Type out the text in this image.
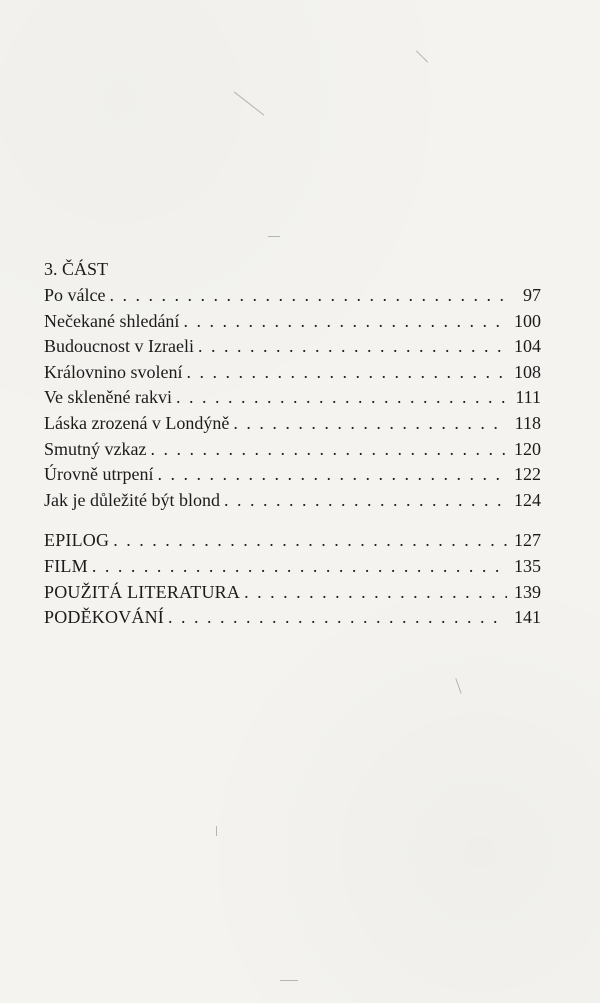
3. ČÁST
Po válce . . .	97
Nečekané shledání . . .	100
Budoucnost v Izraeli . . .	104
Královnino svolení . . .	108
Ve skleněné rakvi . . .	111
Láska zrozená v Londýně . . .	118
Smutný vzkaz . . .	120
Úrovně utrpení . . .	122
Jak je důležité být blond . . .	124
EPILOG . . .	127
FILM . . .	135
POUŽITÁ LITERATURA . . .	139
PODĚKOVÁNÍ . . .	141
